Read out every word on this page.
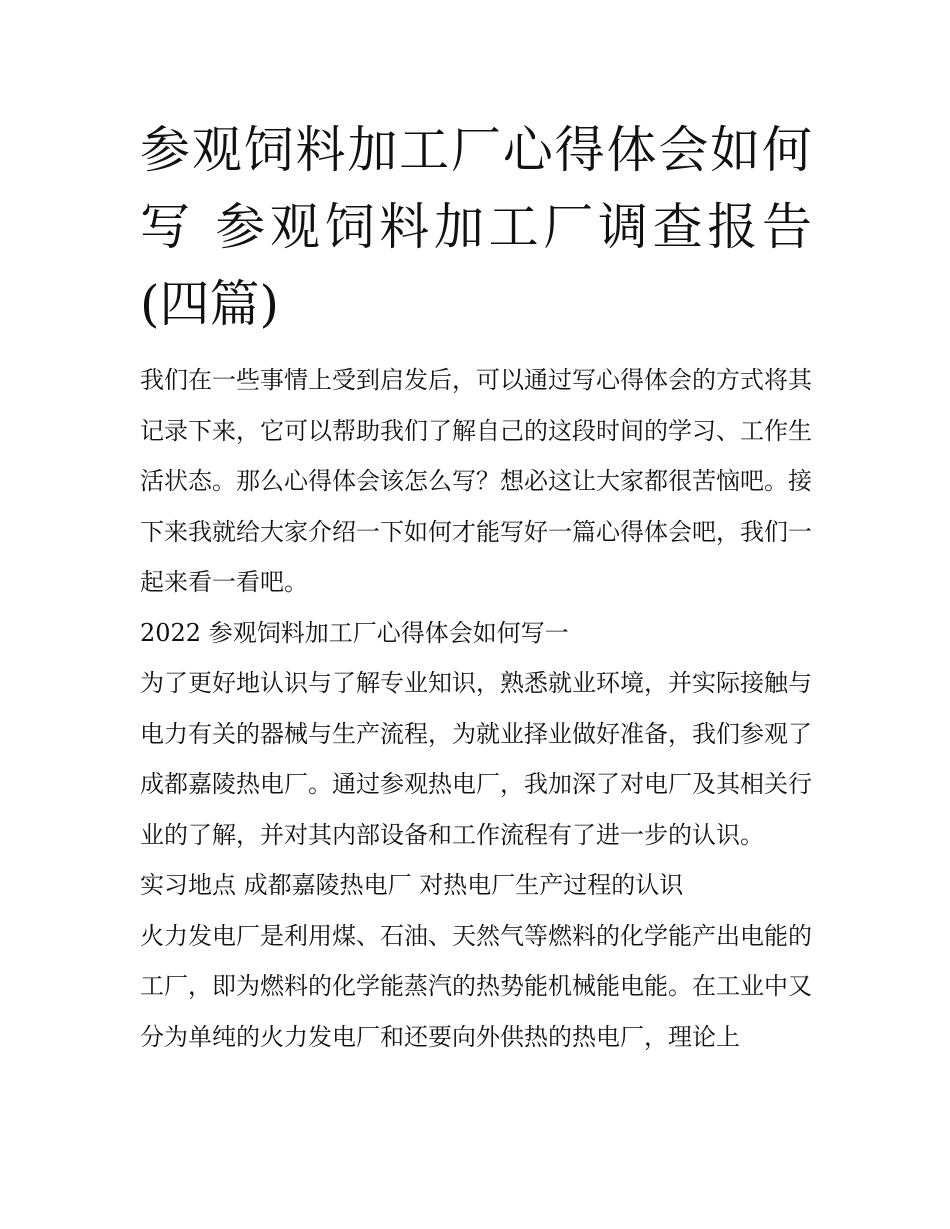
参观饲料加工厂心得体会如何写 参观饲料加工厂调查报告(四篇)

我们在一些事情上受到启发后，可以通过写心得体会的方式将其记录下来，它可以帮助我们了解自己的这段时间的学习、工作生活状态。那么心得体会该怎么写？想必这让大家都很苦恼吧。接下来我就给大家介绍一下如何才能写好一篇心得体会吧，我们一起来看一看吧。

2022 参观饲料加工厂心得体会如何写一

为了更好地认识与了解专业知识，熟悉就业环境，并实际接触与电力有关的器械与生产流程，为就业择业做好准备，我们参观了成都嘉陵热电厂。通过参观热电厂，我加深了对电厂及其相关行业的了解，并对其内部设备和工作流程有了进一步的认识。

实习地点 成都嘉陵热电厂 对热电厂生产过程的认识

火力发电厂是利用煤、石油、天然气等燃料的化学能产出电能的工厂，即为燃料的化学能蒸汽的热势能机械能电能。在工业中又分为单纯的火力发电厂和还要向外供热的热电厂，理论上
